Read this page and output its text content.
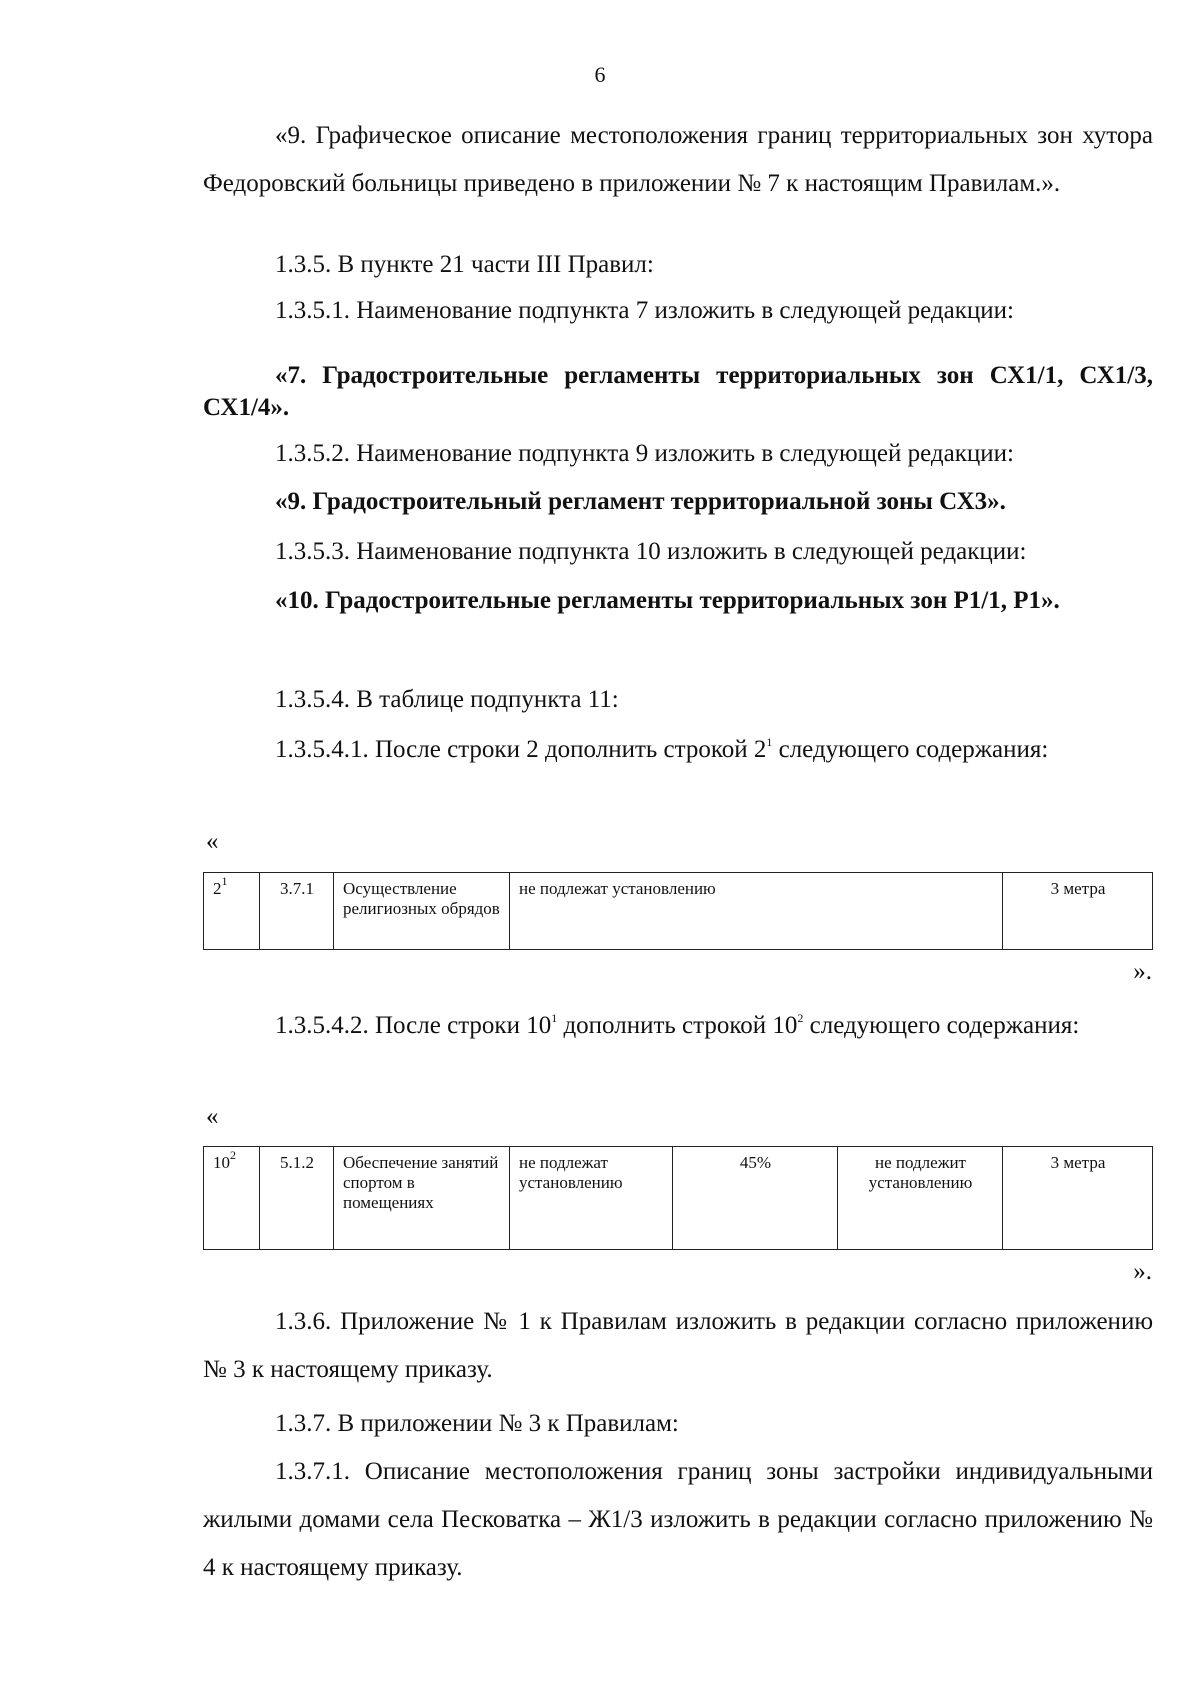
6

«9. Графическое описание местоположения границ территориальных зон хутора Федоровский больницы приведено в приложении № 7 к настоящим Правилам.».

1.3.5. В пункте 21 части III Правил:

1.3.5.1. Наименование подпункта 7 изложить в следующей редакции:

«7. Градостроительные регламенты территориальных зон СХ1/1, СХ1/3, СХ1/4».

1.3.5.2. Наименование подпункта 9 изложить в следующей редакции:

«9. Градостроительный регламент территориальной зоны СХ3».

1.3.5.3. Наименование подпункта 10 изложить в следующей редакции:

«10. Градостроительные регламенты территориальных зон Р1/1, Р1».

1.3.5.4. В таблице подпункта 11:

1.3.5.4.1. После строки 2 дополнить строкой $2^1$ следующего содержания:

«
$2^1$	3.7.1	Осуществление религиозных обрядов	не подлежат установлению	3 метра
».

1.3.5.4.2. После строки $10^1$ дополнить строкой $10^2$ следующего содержания:

«
$10^2$	5.1.2	Обеспечение занятий спортом в помещениях	не подлежат установлению	45%	не подлежит установлению	3 метра
».

1.3.6. Приложение № 1 к Правилам изложить в редакции согласно приложению № 3 к настоящему приказу.

1.3.7. В приложении № 3 к Правилам:

1.3.7.1. Описание местоположения границ зоны застройки индивидуальными жилыми домами села Песковатка – Ж1/3 изложить в редакции согласно приложению № 4 к настоящему приказу.
